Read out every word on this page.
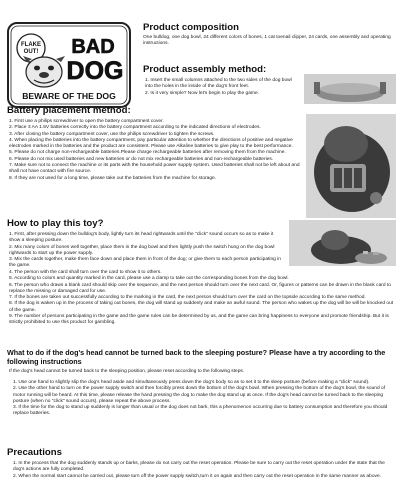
FLAKE
OUT! BAD
DOG
BEWARE OF THE DOG
Product composition
One bulldog, one dog bowl, 24 different colors of bones, 1 cat toenail clipper, 24 cards, one assembly and operating instructions.
Product assembly method:
1. Insert the small columns attached to the two sides of the dog bowl into the holes in the inside of the dog's front feet.
2. Is it very simple? Now let's begin to play the game.
Battery placement method:
1. First use a philips screwdriver to open the battery compartment cover.
2. Place 3 AA 1.5V batteries correctly into the battery compartment according to the indicated directions of electrodes.
3. After closing the battery compartment cover, use the philips screwdriver to tighten the screws.
4. When placing the batteries into the battery compartment, pay particular attention to whether the directions of positive and negative electrodes marked in the batteries and the product are consistent. Please use Alkaline batteries to give play to the best performance.
5. Please do not charge non-rechargeable batteries.Please charge rechargeable batteries after removing them from the machine.
6. Please do not mix used batteries and new batteries or do not mix rechargeable batteries and non-rechargeable batteries.
7. Make sure not to connect the machine or its parts with the household power supply system. Used batteries shall not be left about and shall not have contact with fire source.
8. If they are not used for a long time, please take out the batteries from the machine for storage.
How to play this toy?
1. First, after pressing down the bulldog's body, lightly turn its head rightwards until the "click" sound occurs so as to make it show a sleeping posture.
2. Mix many colors of bones well together, place them in the dog bowl and then lightly push the switch hung on the dog bowl rightwards to start up the power supply.
3. Mix the cards together, make them face down and place them in front of the dog; or give them to each person participating in the game.
4. The person with the card shall turn over the card to show it to others.
5. According to colors and quantity marked in the card, please use a clamp to take out the corresponding bones from the dog bowl.
6. The person who draws a blank card should skip over the sequence, and the next person should turn over the next card. Or, figures or patterns can be drawn in the blank card to replace the missing or damaged card for use.
7. If the bones are taken out successfully according to the marking in the card, the next person should turn over the card on the topside according to the same method.
8. If the dog is waken up in the process of taking out bones, the dog will stand up suddenly and make an awful sound. The person who wakes up the dog will be will be knocked out of the game.
9. The number of persons participating in the game and the game rules can be determined by us, and the game can bring happiness to everyone and promote friendship. But it is strictly prohibited to use this product for gambling.
What to do if the dog's head cannot be turned back to the sleeping posture? Please have a try according to the following instructions
If the dog's head cannot be turned back to the sleeping position, please reset according to the following steps.
1. Use one hand to slightly slip the dog's head aside and simultaneously press down the dog's body so as to set it to the sleep posture (before making a "click" sound).
2. Use the other hand to turn on the power supply switch and then forcibly press down the bottom of the dog's bowl. When pressing the bottom of the dog's bowl, the sound of motor running will be heard. At this time, please release the hand pressing the dog to make the dog stand up at once. If the dog's head cannot be turned back to the sleeping posture (when no "click" sound occurs), please repeat the above process.
3. If the time for the dog to stand up suddenly is longer than usual or the dog does not bark, this a phenomenon occurring due to battery consumption and therefore you should replace batteries.
Precautions
1. In the process that the dog suddenly stands up or barks, please do not carry out the reset operation. Please be sure to carry out the reset operation under the state that the dog's actions are fully completed.
2. When the normal start cannot be carried out, please turn off the power supply switch,turn it on again and then carry out the reset operation in the same manner as above.
